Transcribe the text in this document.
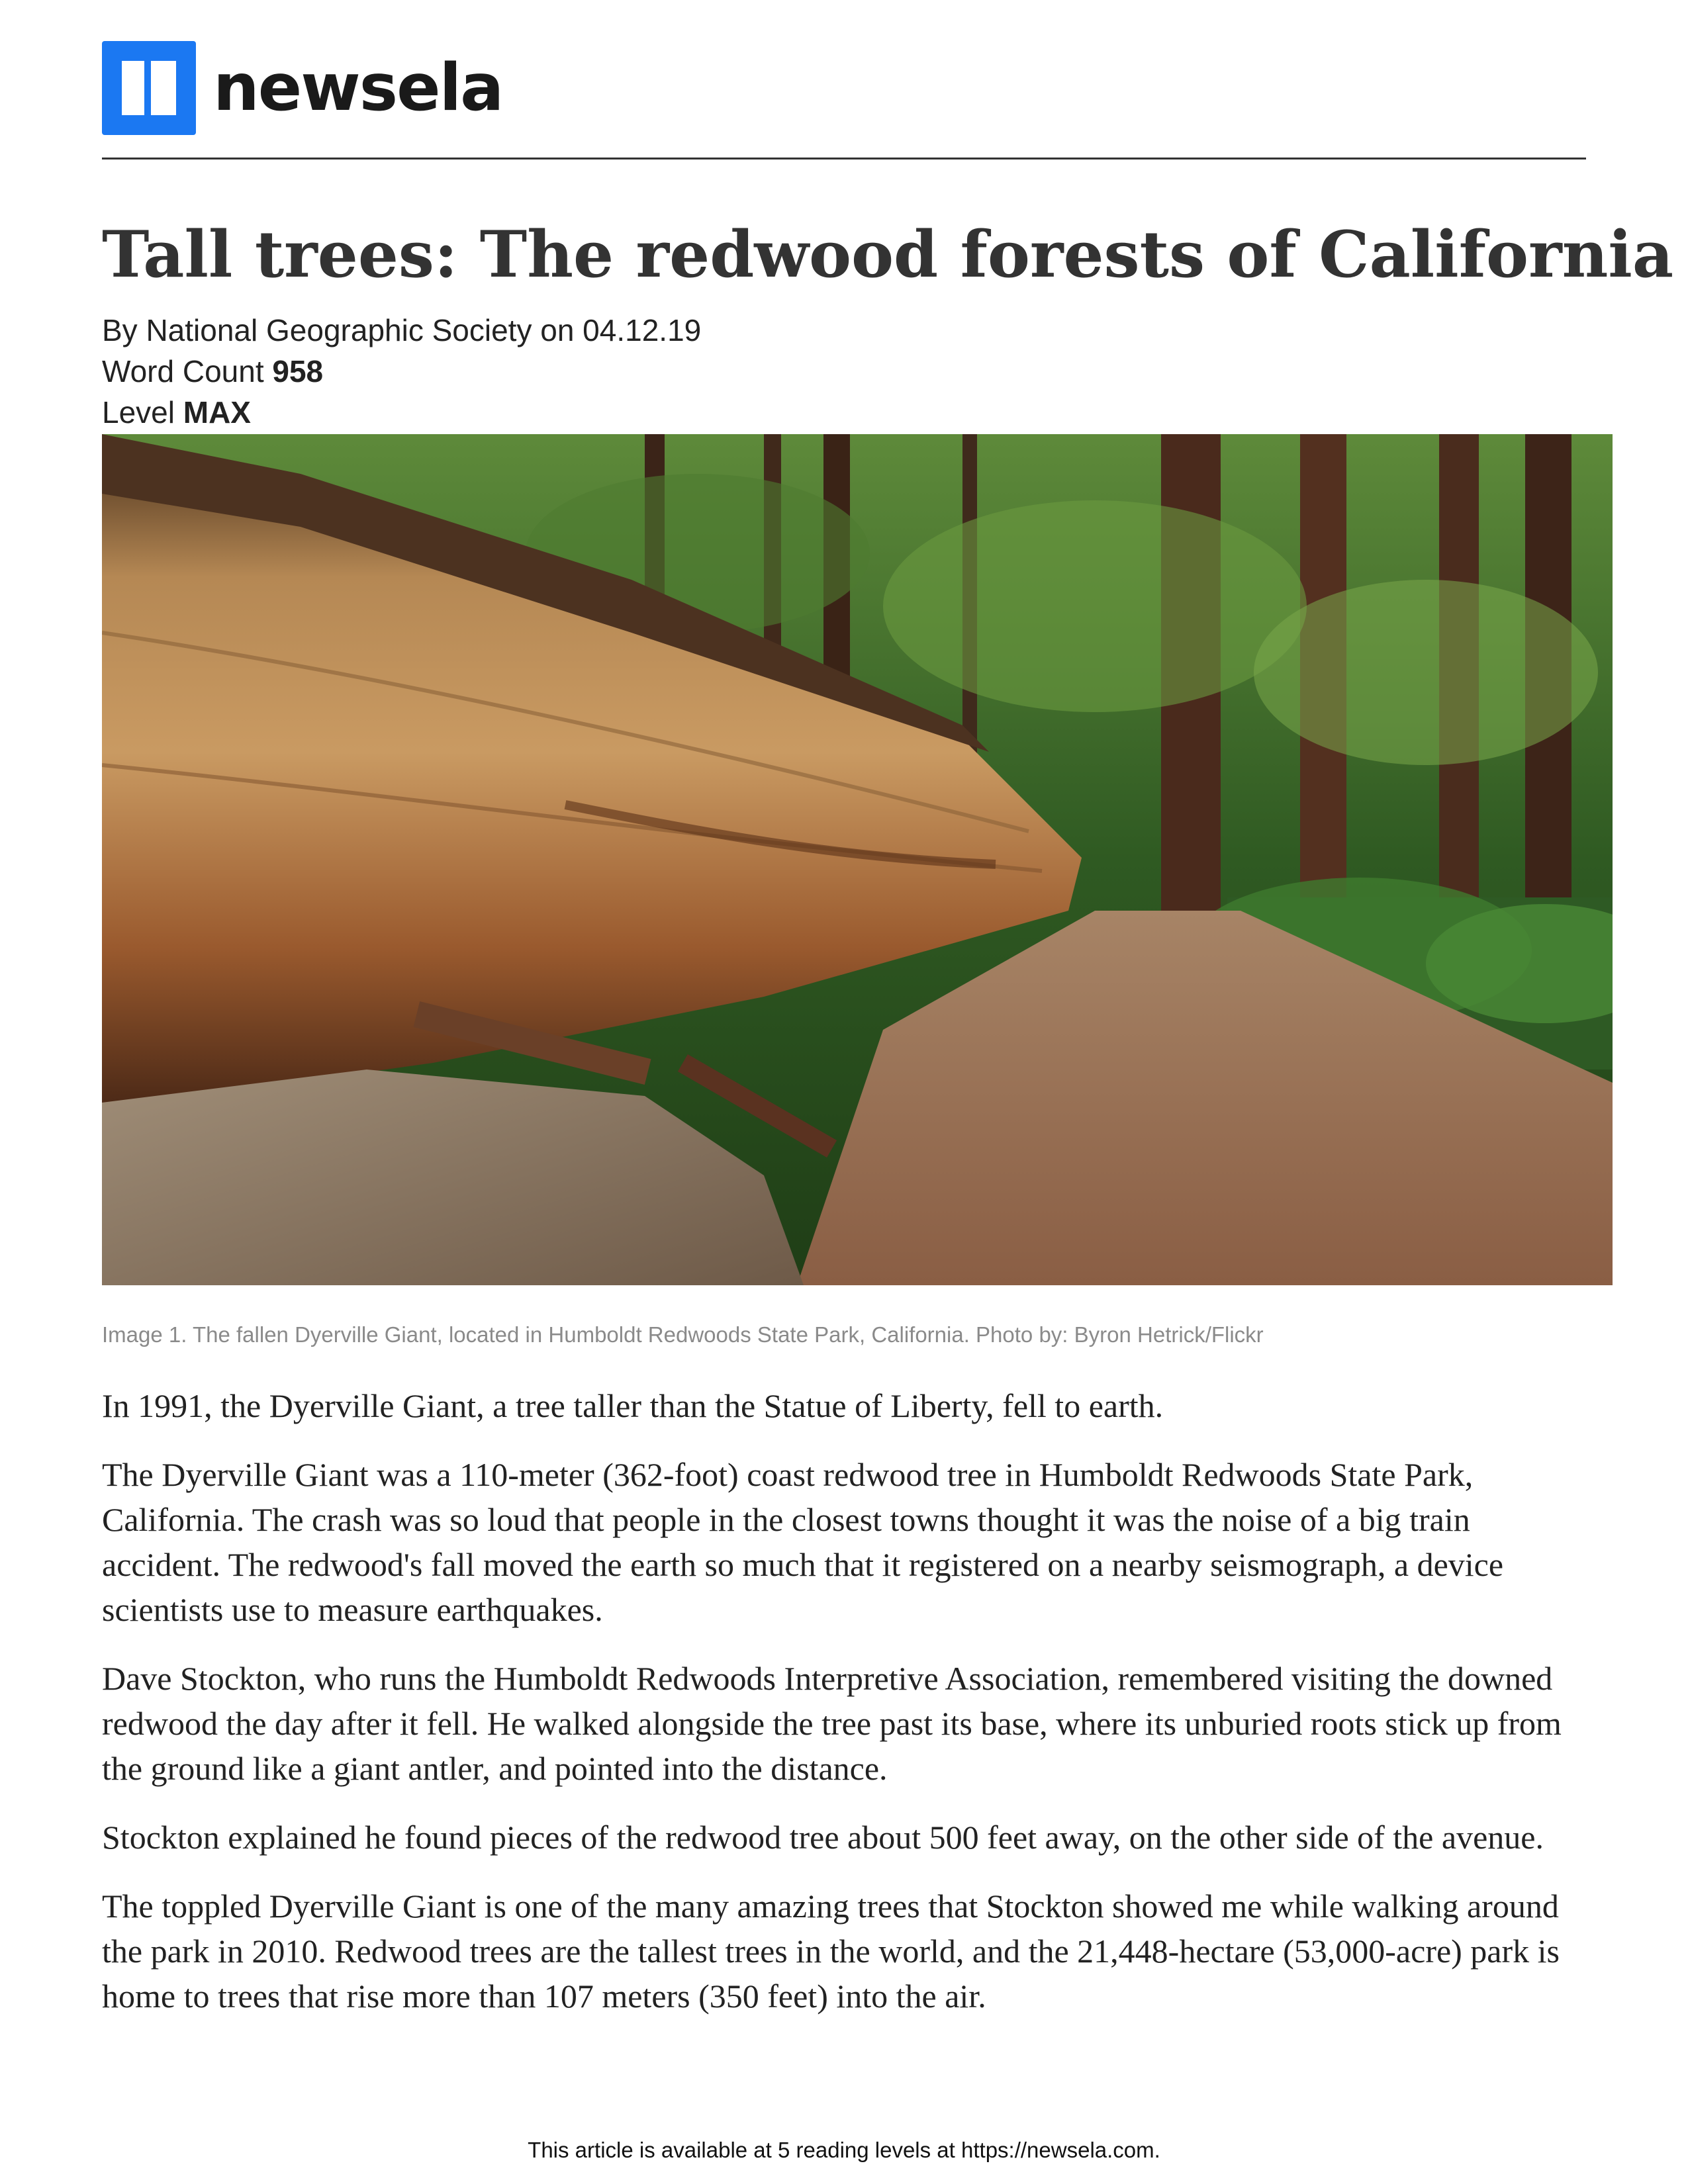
newsela
Tall trees: The redwood forests of California
By National Geographic Society on 04.12.19
Word Count 958
Level MAX
Image 1. The fallen Dyerville Giant, located in Humboldt Redwoods State Park, California. Photo by: Byron Hetrick/Flickr

In 1991, the Dyerville Giant, a tree taller than the Statue of Liberty, fell to earth.

The Dyerville Giant was a 110-meter (362-foot) coast redwood tree in Humboldt Redwoods State Park, California. The crash was so loud that people in the closest towns thought it was the noise of a big train accident. The redwood's fall moved the earth so much that it registered on a nearby seismograph, a device scientists use to measure earthquakes.

Dave Stockton, who runs the Humboldt Redwoods Interpretive Association, remembered visiting the downed redwood the day after it fell. He walked alongside the tree past its base, where its unburied roots stick up from the ground like a giant antler, and pointed into the distance.

Stockton explained he found pieces of the redwood tree about 500 feet away, on the other side of the avenue.

The toppled Dyerville Giant is one of the many amazing trees that Stockton showed me while walking around the park in 2010. Redwood trees are the tallest trees in the world, and the 21,448-hectare (53,000-acre) park is home to trees that rise more than 107 meters (350 feet) into the air.

This article is available at 5 reading levels at https://newsela.com.
